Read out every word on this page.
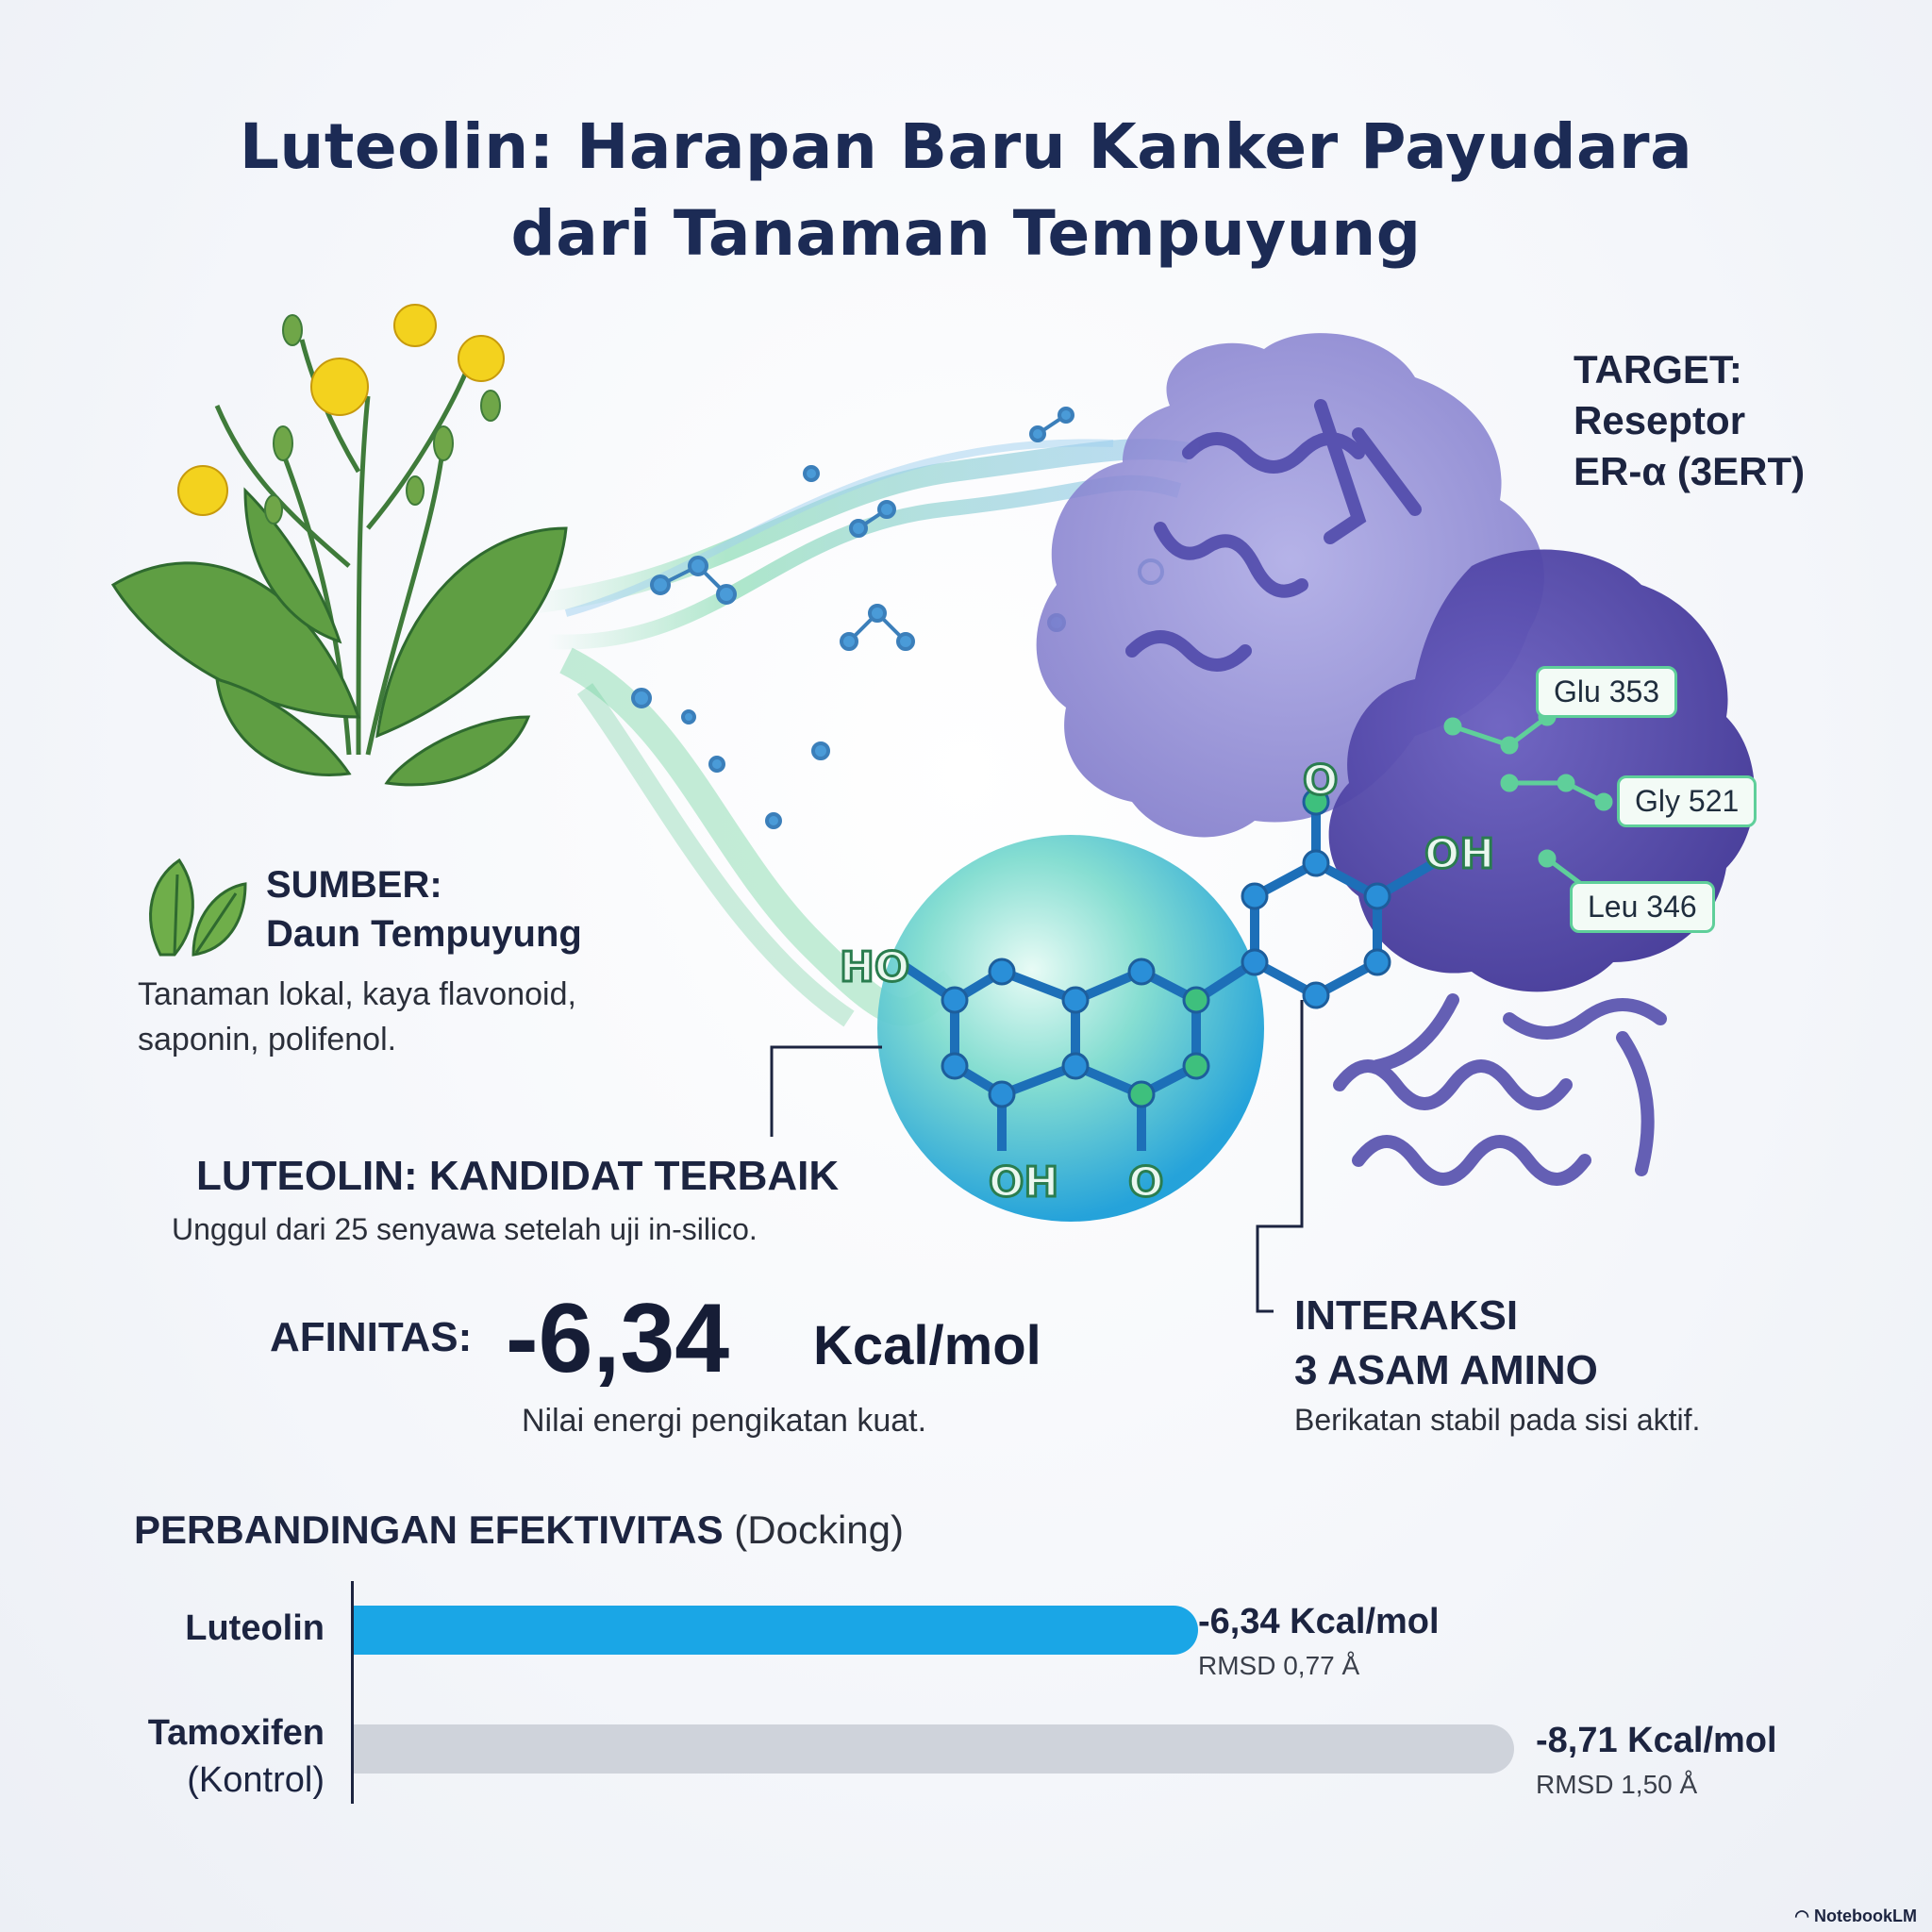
Luteolin: Harapan Baru Kanker Payudara
dari Tanaman Tempuyung
HO
OH
OH O
O
Glu 353
Gly 521
Leu 346
TARGET:
Reseptor
ER-α (3ERT)
SUMBER:
Daun Tempuyung
Tanaman lokal, kaya flavonoid,
saponin, polifenol.
LUTEOLIN: KANDIDAT TERBAIK
Unggul dari 25 senyawa setelah uji in-silico.
AFINITAS: -6,34 Kcal/mol
Nilai energi pengikatan kuat.
INTERAKSI
3 ASAM AMINO
Berikatan stabil pada sisi aktif.
PERBANDINGAN EFEKTIVITAS (Docking)
Luteolin
Tamoxifen
(Kontrol)
-6,34 Kcal/mol
RMSD 0,77 Å
-8,71 Kcal/mol
RMSD 1,50 Å
◠ NotebookLM
